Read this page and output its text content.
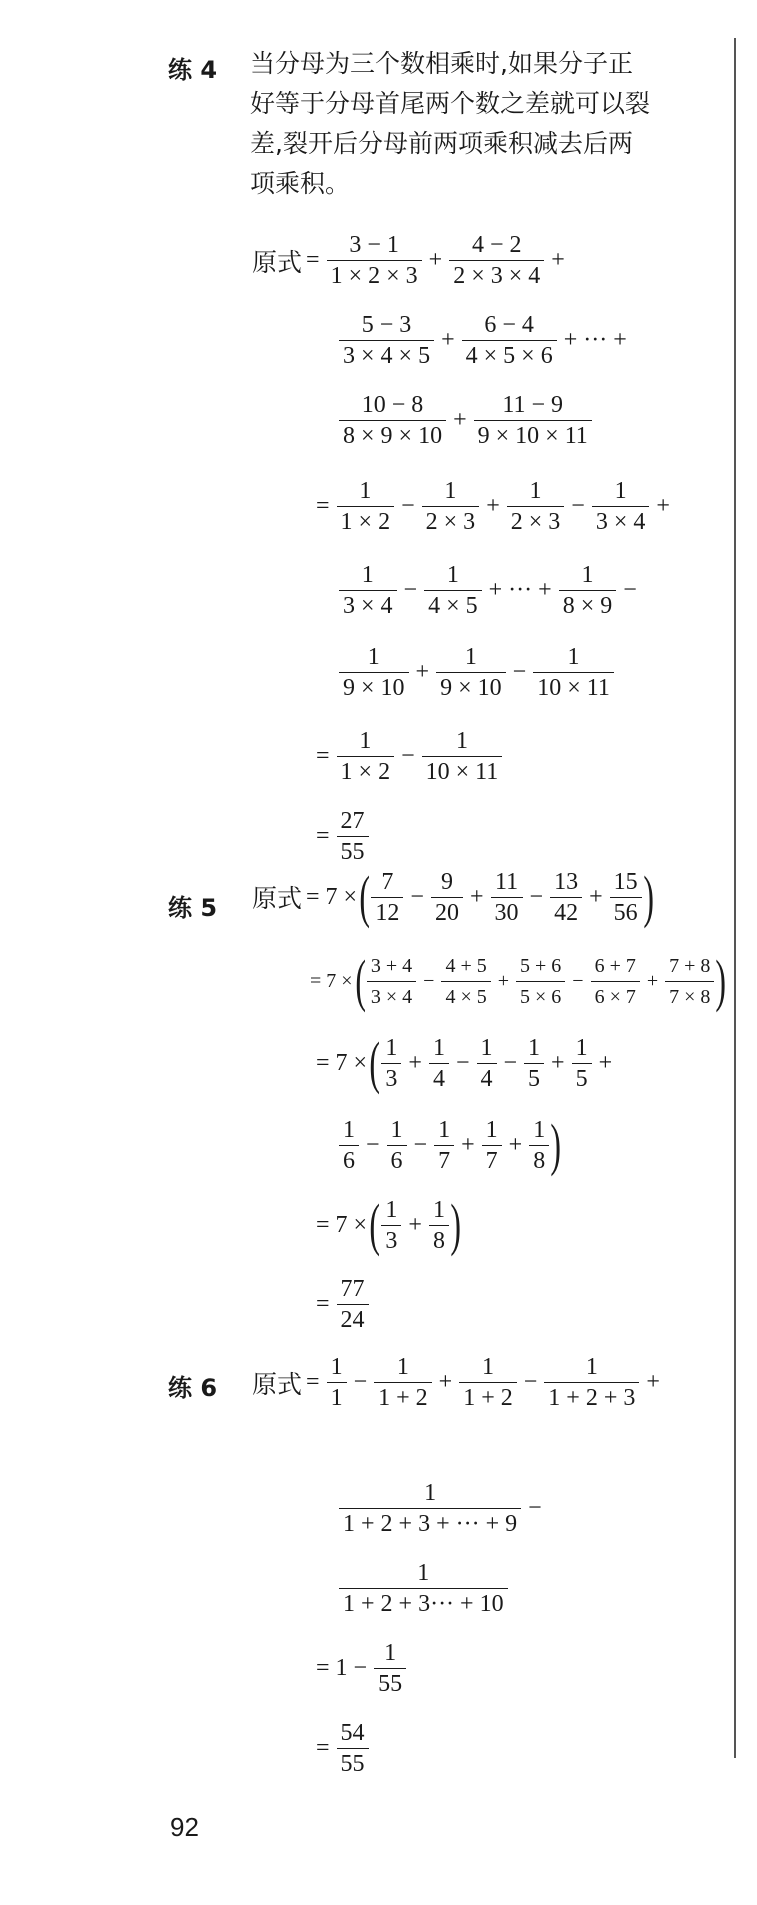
练 4 当分母为三个数相乘时,如果分子正

好等于分母首尾两个数之差就可以裂

差,裂开后分母前两项乘积减去后两

项乘积。

原式 = $\frac{3 - 1}{1 \times 2 \times 3} + \frac{4 - 2}{2 \times 3 \times 4}$ +
$\frac{5 - 3}{3 \times 4 \times 5} + \frac{6 - 4}{4 \times 5 \times 6}$ + ··· +
$\frac{10 - 8}{8 \times 9 \times 10} + \frac{11 - 9}{9 \times 10 \times 11}$
= $\frac{1}{1 \times 2} - \frac{1}{2 \times 3} + \frac{1}{2 \times 3} - \frac{1}{3 \times 4}$ +
$\frac{1}{3 \times 4} - \frac{1}{4 \times 5}$ + ··· + $\frac{1}{8 \times 9}$ −
$\frac{1}{9 \times 10} + \frac{1}{9 \times 10} - \frac{1}{10 \times 11}$
= $\frac{1}{1 \times 2} - \frac{1}{10 \times 11}$
= $\frac{27}{55}$
练 5 原式 = 7 × ( $\frac{7}{12} - \frac{9}{20} + \frac{11}{30} - \frac{13}{42} + \frac{15}{56}$ )
= 7 × ( $\frac{3 + 4}{3 \times 4} - \frac{4 + 5}{4 \times 5} + \frac{5 + 6}{5 \times 6} - \frac{6 + 7}{6 \times 7} + \frac{7 + 8}{7 \times 8}$ )
= 7 × ( $\frac{1}{3} + \frac{1}{4} - \frac{1}{4} - \frac{1}{5} + \frac{1}{5}$ +
$\frac{1}{6} - \frac{1}{6} - \frac{1}{7} + \frac{1}{7} + \frac{1}{8}$ )
= 7 × ( $\frac{1}{3} + \frac{1}{8}$ )
= $\frac{77}{24}$
练 6 原式 = $\frac{1}{1} - \frac{1}{1 + 2} + \frac{1}{1 + 2} - \frac{1}{1 + 2 + 3}$ +
$\frac{1}{1 + 2 + 3 + \cdot\cdot\cdot + 9}$ −
$\frac{1}{1 + 2 + 3\cdot\cdot\cdot + 10}$
= $1 - \frac{1}{55}$
= $\frac{54}{55}$
92
